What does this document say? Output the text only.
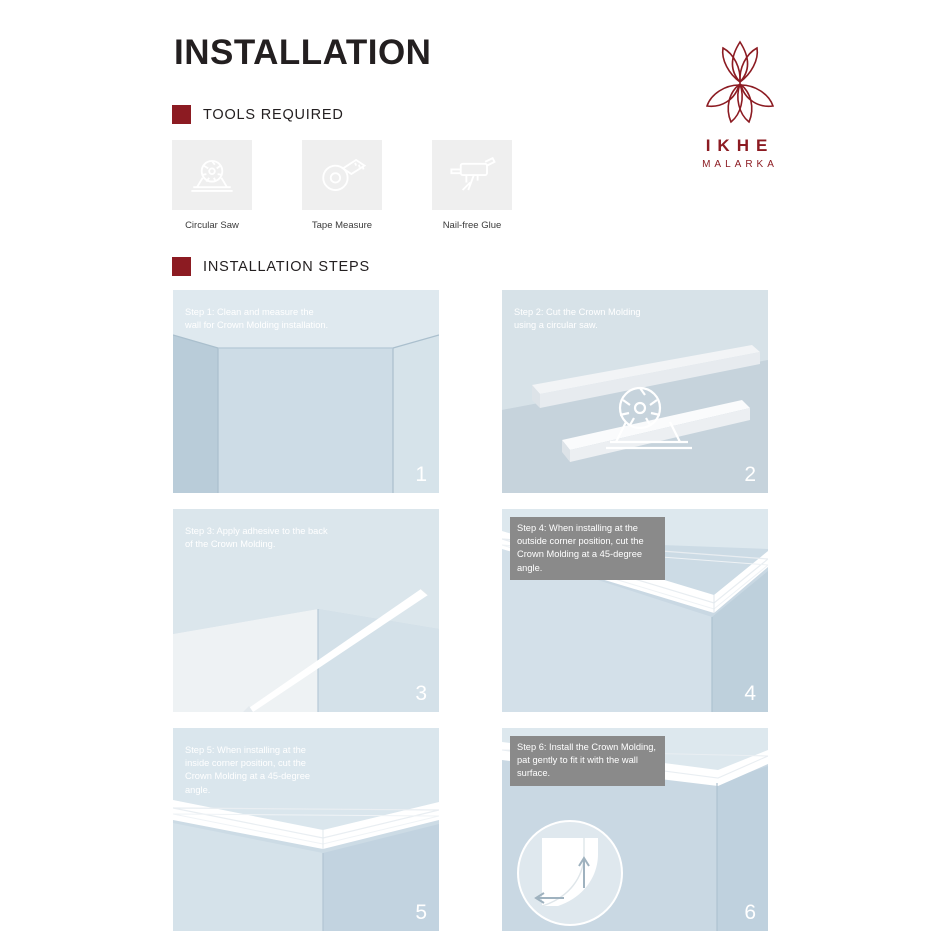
INSTALLATION
IKHE
MALARKA
TOOLS REQUIRED
Circular Saw	Tape Measure	Nail-free Glue
INSTALLATION STEPS
Step 1: Clean and measure the wall for Crown Molding installation.
1
Step 2: Cut the Crown Molding using a circular saw.
2
Step 3: Apply adhesive to the back of the Crown Molding.
3
Step 4: When installing at the outside corner position, cut the Crown Molding at a 45-degree angle.
4
Step 5: When installing at the inside corner position, cut the Crown Molding at a 45-degree angle.
5
Step 6: Install the Crown Molding, pat gently to fit it with the wall surface.
6
